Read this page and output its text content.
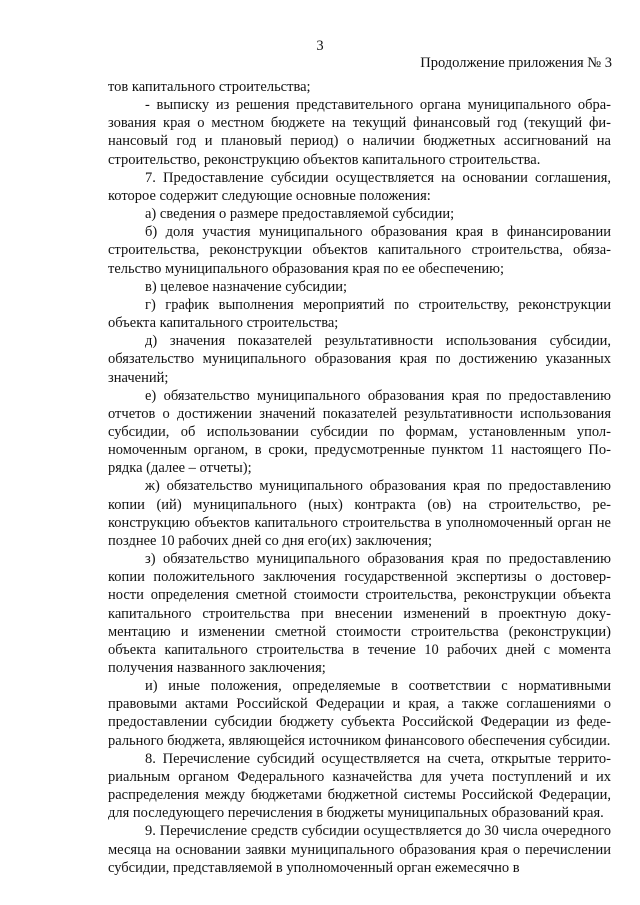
3
Продолжение приложения № 3

тов капитального строительства;

- выписку из решения представительного органа муниципального образования края о местном бюджете на текущий финансовый год (текущий финансовый год и плановый период) о наличии бюджетных ассигнований на строительство, реконструкцию объектов капитального строительства.

7. Предоставление субсидии осуществляется на основании соглашения, которое содержит следующие основные положения:

а) сведения о размере предоставляемой субсидии;

б) доля участия муниципального образования края в финансировании строительства, реконструкции объектов капитального строительства, обязательство муниципального образования края по ее обеспечению;

в) целевое назначение субсидии;

г) график выполнения мероприятий по строительству, реконструкции объекта капитального строительства;

д) значения показателей результативности использования субсидии, обязательство муниципального образования края по достижению указанных значений;

е) обязательство муниципального образования края по предоставлению отчетов о достижении значений показателей результативности использования субсидии, об использовании субсидии по формам, установленным уполномоченным органом, в сроки, предусмотренные пунктом 11 настоящего Порядка (далее – отчеты);

ж) обязательство муниципального образования края по предоставлению копии (ий) муниципального (ных) контракта (ов) на строительство, реконструкцию объектов капитального строительства в уполномоченный орган не позднее 10 рабочих дней со дня его(их) заключения;

з) обязательство муниципального образования края по предоставлению копии положительного заключения государственной экспертизы о достоверности определения сметной стоимости строительства, реконструкции объекта капитального строительства при внесении изменений в проектную документацию и изменении сметной стоимости строительства (реконструкции) объекта капитального строительства в течение 10 рабочих дней с момента получения названного заключения;

и) иные положения, определяемые в соответствии с нормативными правовыми актами Российской Федерации и края, а также соглашениями о предоставлении субсидии бюджету субъекта Российской Федерации из федерального бюджета, являющейся источником финансового обеспечения субсидии.

8. Перечисление субсидий осуществляется на счета, открытые территориальным органом Федерального казначейства для учета поступлений и их распределения между бюджетами бюджетной системы Российской Федерации, для последующего перечисления в бюджеты муниципальных образований края.

9. Перечисление средств субсидии осуществляется до 30 числа очередного месяца на основании заявки муниципального образования края о перечислении субсидии, представляемой в уполномоченный орган ежемесячно в
